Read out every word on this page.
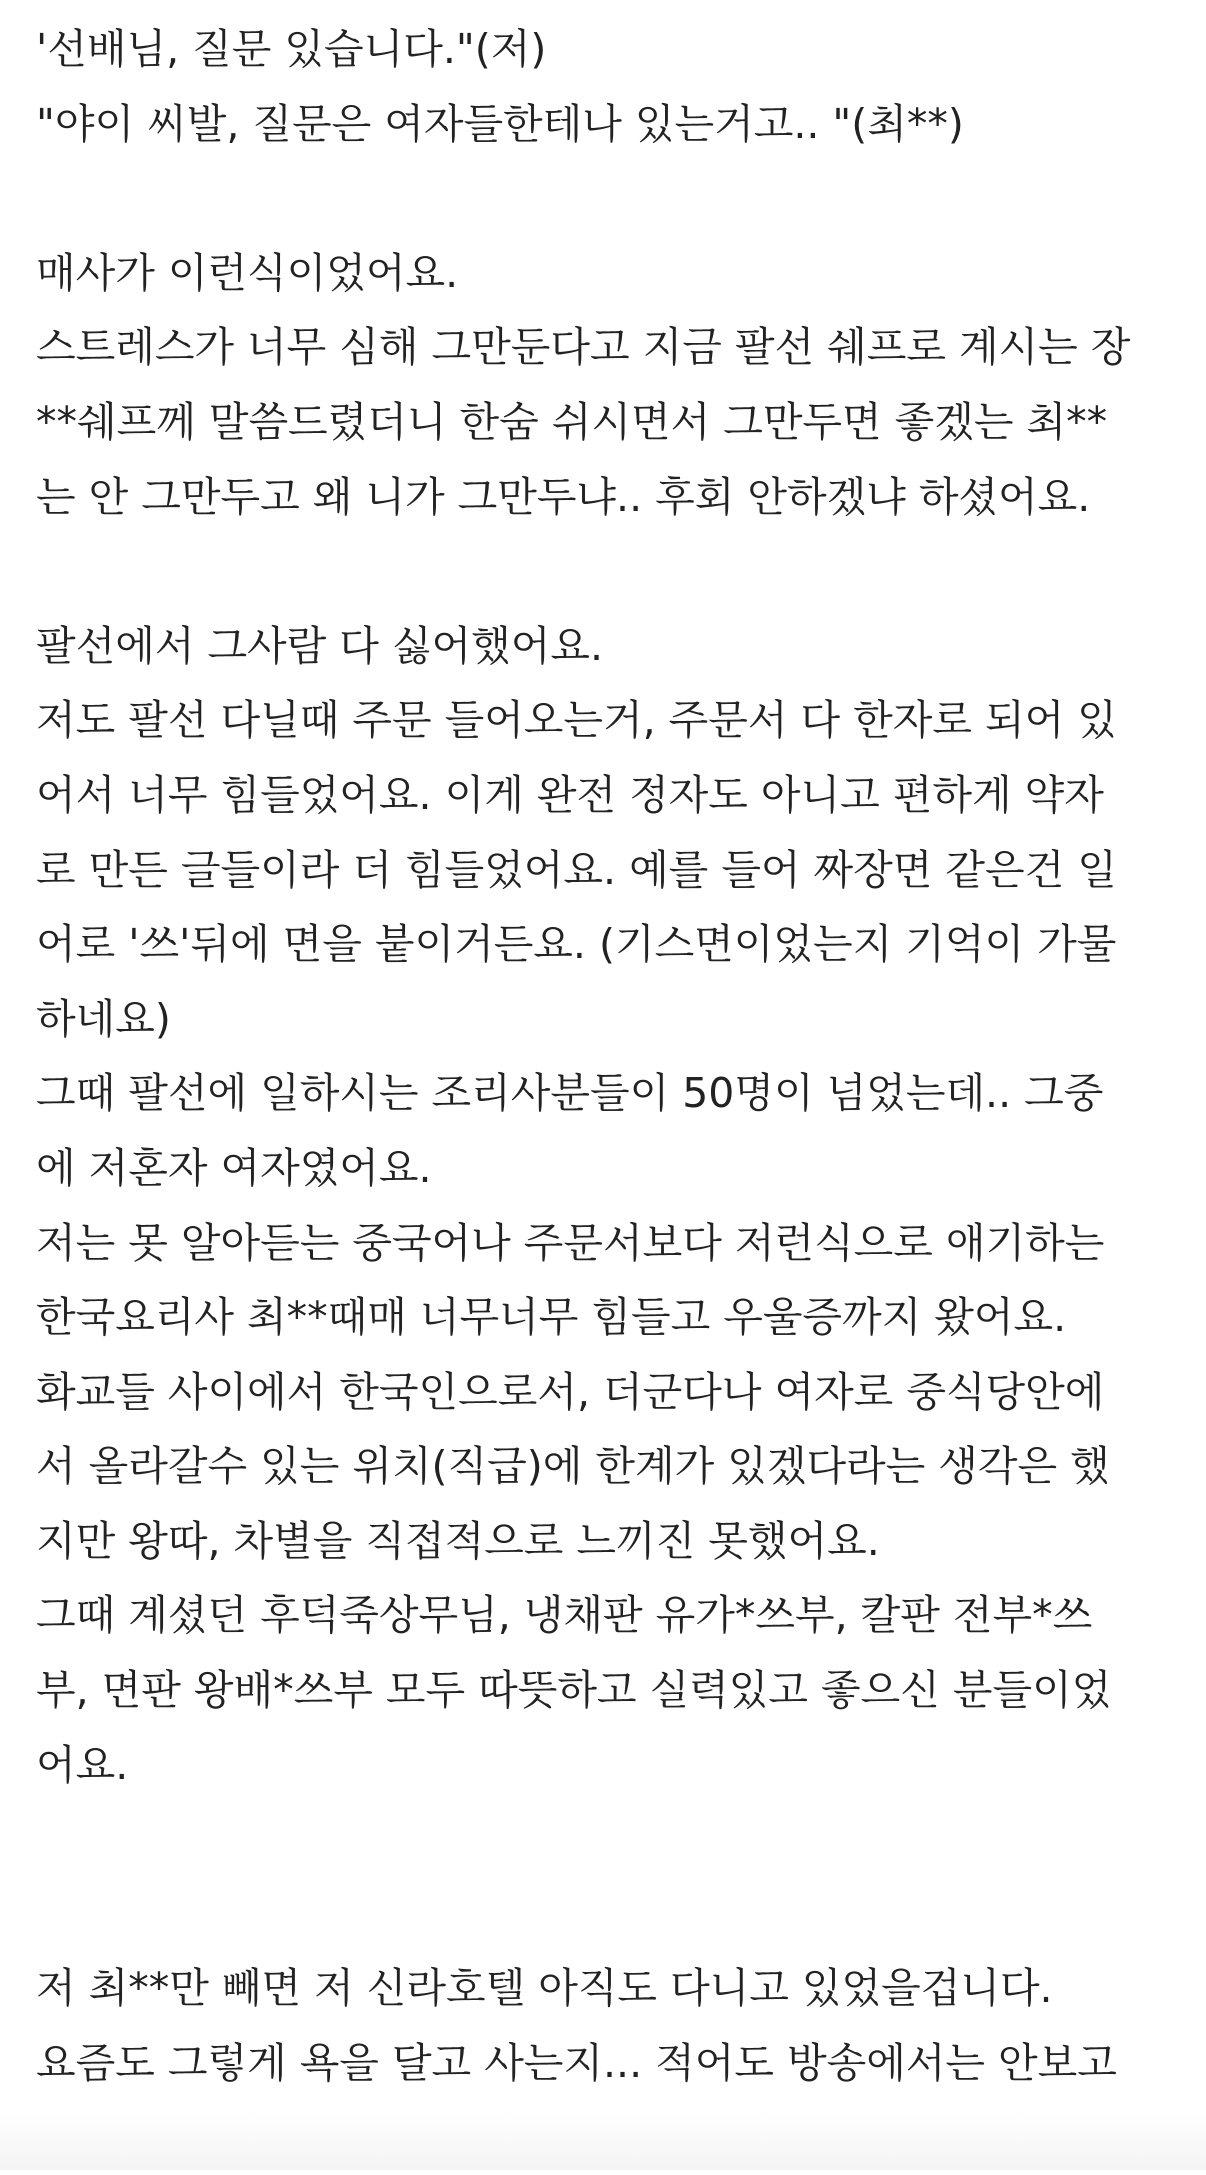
'선배님, 질문 있습니다."(저)
"야이 씨발, 질문은 여자들한테나 있는거고.. "(최**)
매사가 이런식이었어요.
스트레스가 너무 심해 그만둔다고 지금 팔선 쉐프로 계시는 장
**쉐프께 말씀드렸더니 한숨 쉬시면서 그만두면 좋겠는 최**
는 안 그만두고 왜 니가 그만두냐.. 후회 안하겠냐 하셨어요.
팔선에서 그사람 다 싫어했어요.
저도 팔선 다닐때 주문 들어오는거, 주문서 다 한자로 되어 있
어서 너무 힘들었어요. 이게 완전 정자도 아니고 편하게 약자
로 만든 글들이라 더 힘들었어요. 예를 들어 짜장면 같은건 일
어로 '쓰'뒤에 면을 붙이거든요. (기스면이었는지 기억이 가물
하네요)
그때 팔선에 일하시는 조리사분들이 50명이 넘었는데.. 그중
에 저혼자 여자였어요.
저는 못 알아듣는 중국어나 주문서보다 저런식으로 애기하는
한국요리사 최**때매 너무너무 힘들고 우울증까지 왔어요.
화교들 사이에서 한국인으로서, 더군다나 여자로 중식당안에
서 올라갈수 있는 위치(직급)에 한계가 있겠다라는 생각은 했
지만 왕따, 차별을 직접적으로 느끼진 못했어요.
그때 계셨던 후덕죽상무님, 냉채판 유가*쓰부, 칼판 전부*쓰
부, 면판 왕배*쓰부 모두 따뜻하고 실력있고 좋으신 분들이었
어요.
저 최**만 빼면 저 신라호텔 아직도 다니고 있었을겁니다.
요즘도 그렇게 욕을 달고 사는지... 적어도 방송에서는 안보고
